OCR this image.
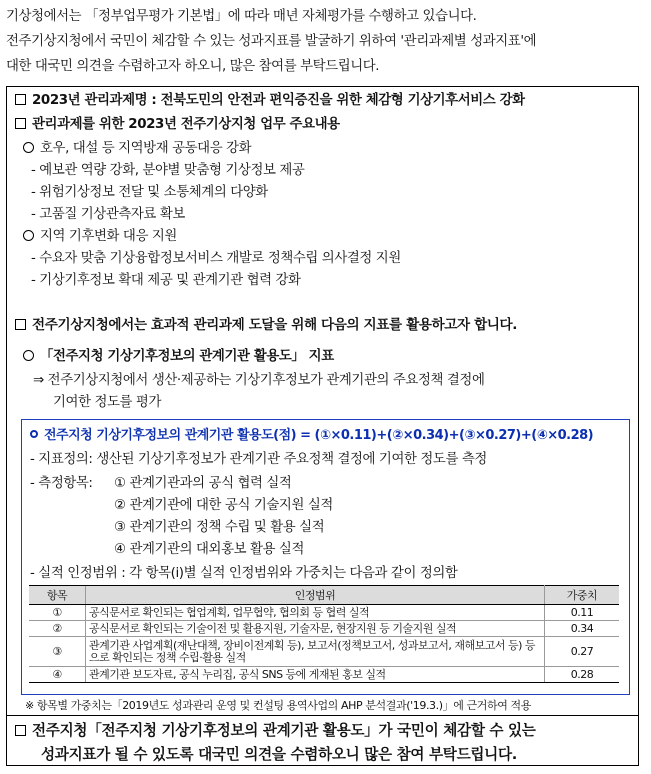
기상청에서는 「정부업무평가 기본법」에 따라 매년 자체평가를 수행하고 있습니다.
전주기상지청에서 국민이 체감할 수 있는 성과지표를 발굴하기 위하여 '관리과제별 성과지표'에
대한 대국민 의견을 수렴하고자 하오니, 많은 참여를 부탁드립니다.
2023년 관리과제명 : 전북도민의 안전과 편익증진을 위한 체감형 기상기후서비스 강화
관리과제를 위한 2023년 전주기상지청 업무 주요내용
호우, 대설 등 지역방재 공동대응 강화
- 예보관 역량 강화, 분야별 맞춤형 기상정보 제공
- 위험기상정보 전달 및 소통체계의 다양화
- 고품질 기상관측자료 확보
지역 기후변화 대응 지원
- 수요자 맞춤 기상융합정보서비스 개발로 정책수립 의사결정 지원
- 기상기후정보 확대 제공 및 관계기관 협력 강화
전주기상지청에서는 효과적 관리과제 도달을 위해 다음의 지표를 활용하고자 합니다.
「전주지청 기상기후정보의 관계기관 활용도」 지표
⇒ 전주기상지청에서 생산·제공하는 기상기후정보가 관계기관의 주요정책 결정에
기여한 정도를 평가
전주지청 기상기후정보의 관계기관 활용도(점) = (①×0.11)+(②×0.34)+(③×0.27)+(④×0.28)
- 지표정의: 생산된 기상기후정보가 관계기관 주요정책 결정에 기여한 정도를 측정
- 측정항목: ① 관계기관과의 공식 협력 실적
② 관계기관에 대한 공식 기술지원 실적
③ 관계기관의 정책 수립 및 활용 실적
④ 관계기관의 대외홍보 활용 실적
- 실적 인정범위 : 각 항목(i)별 실적 인정범위와 가중치는 다음과 같이 정의함
항목	인정범위	가중치
①	공식문서로 확인되는 협업계획, 업무협약, 협의회 등 협력 실적	0.11
②	공식문서로 확인되는 기술이전 및 활용지원, 기술자문, 현장지원 등 기술지원 실적	0.34
③	관계기관 사업계획(재난대책, 장비이전계획 등), 보고서(정책보고서, 성과보고서, 재해보고서 등) 등으로 확인되는 정책 수립·활용 실적	0.27
④	관계기관 보도자료, 공식 누리집, 공식 SNS 등에 게재된 홍보 실적	0.28
※ 항목별 가중치는「2019년도 성과관리 운영 및 컨설팅 용역사업의 AHP 분석결과('19.3.)」에 근거하여 적용
전주지청「전주지청 기상기후정보의 관계기관 활용도」가 국민이 체감할 수 있는
성과지표가 될 수 있도록 대국민 의견을 수렴하오니 많은 참여 부탁드립니다.
